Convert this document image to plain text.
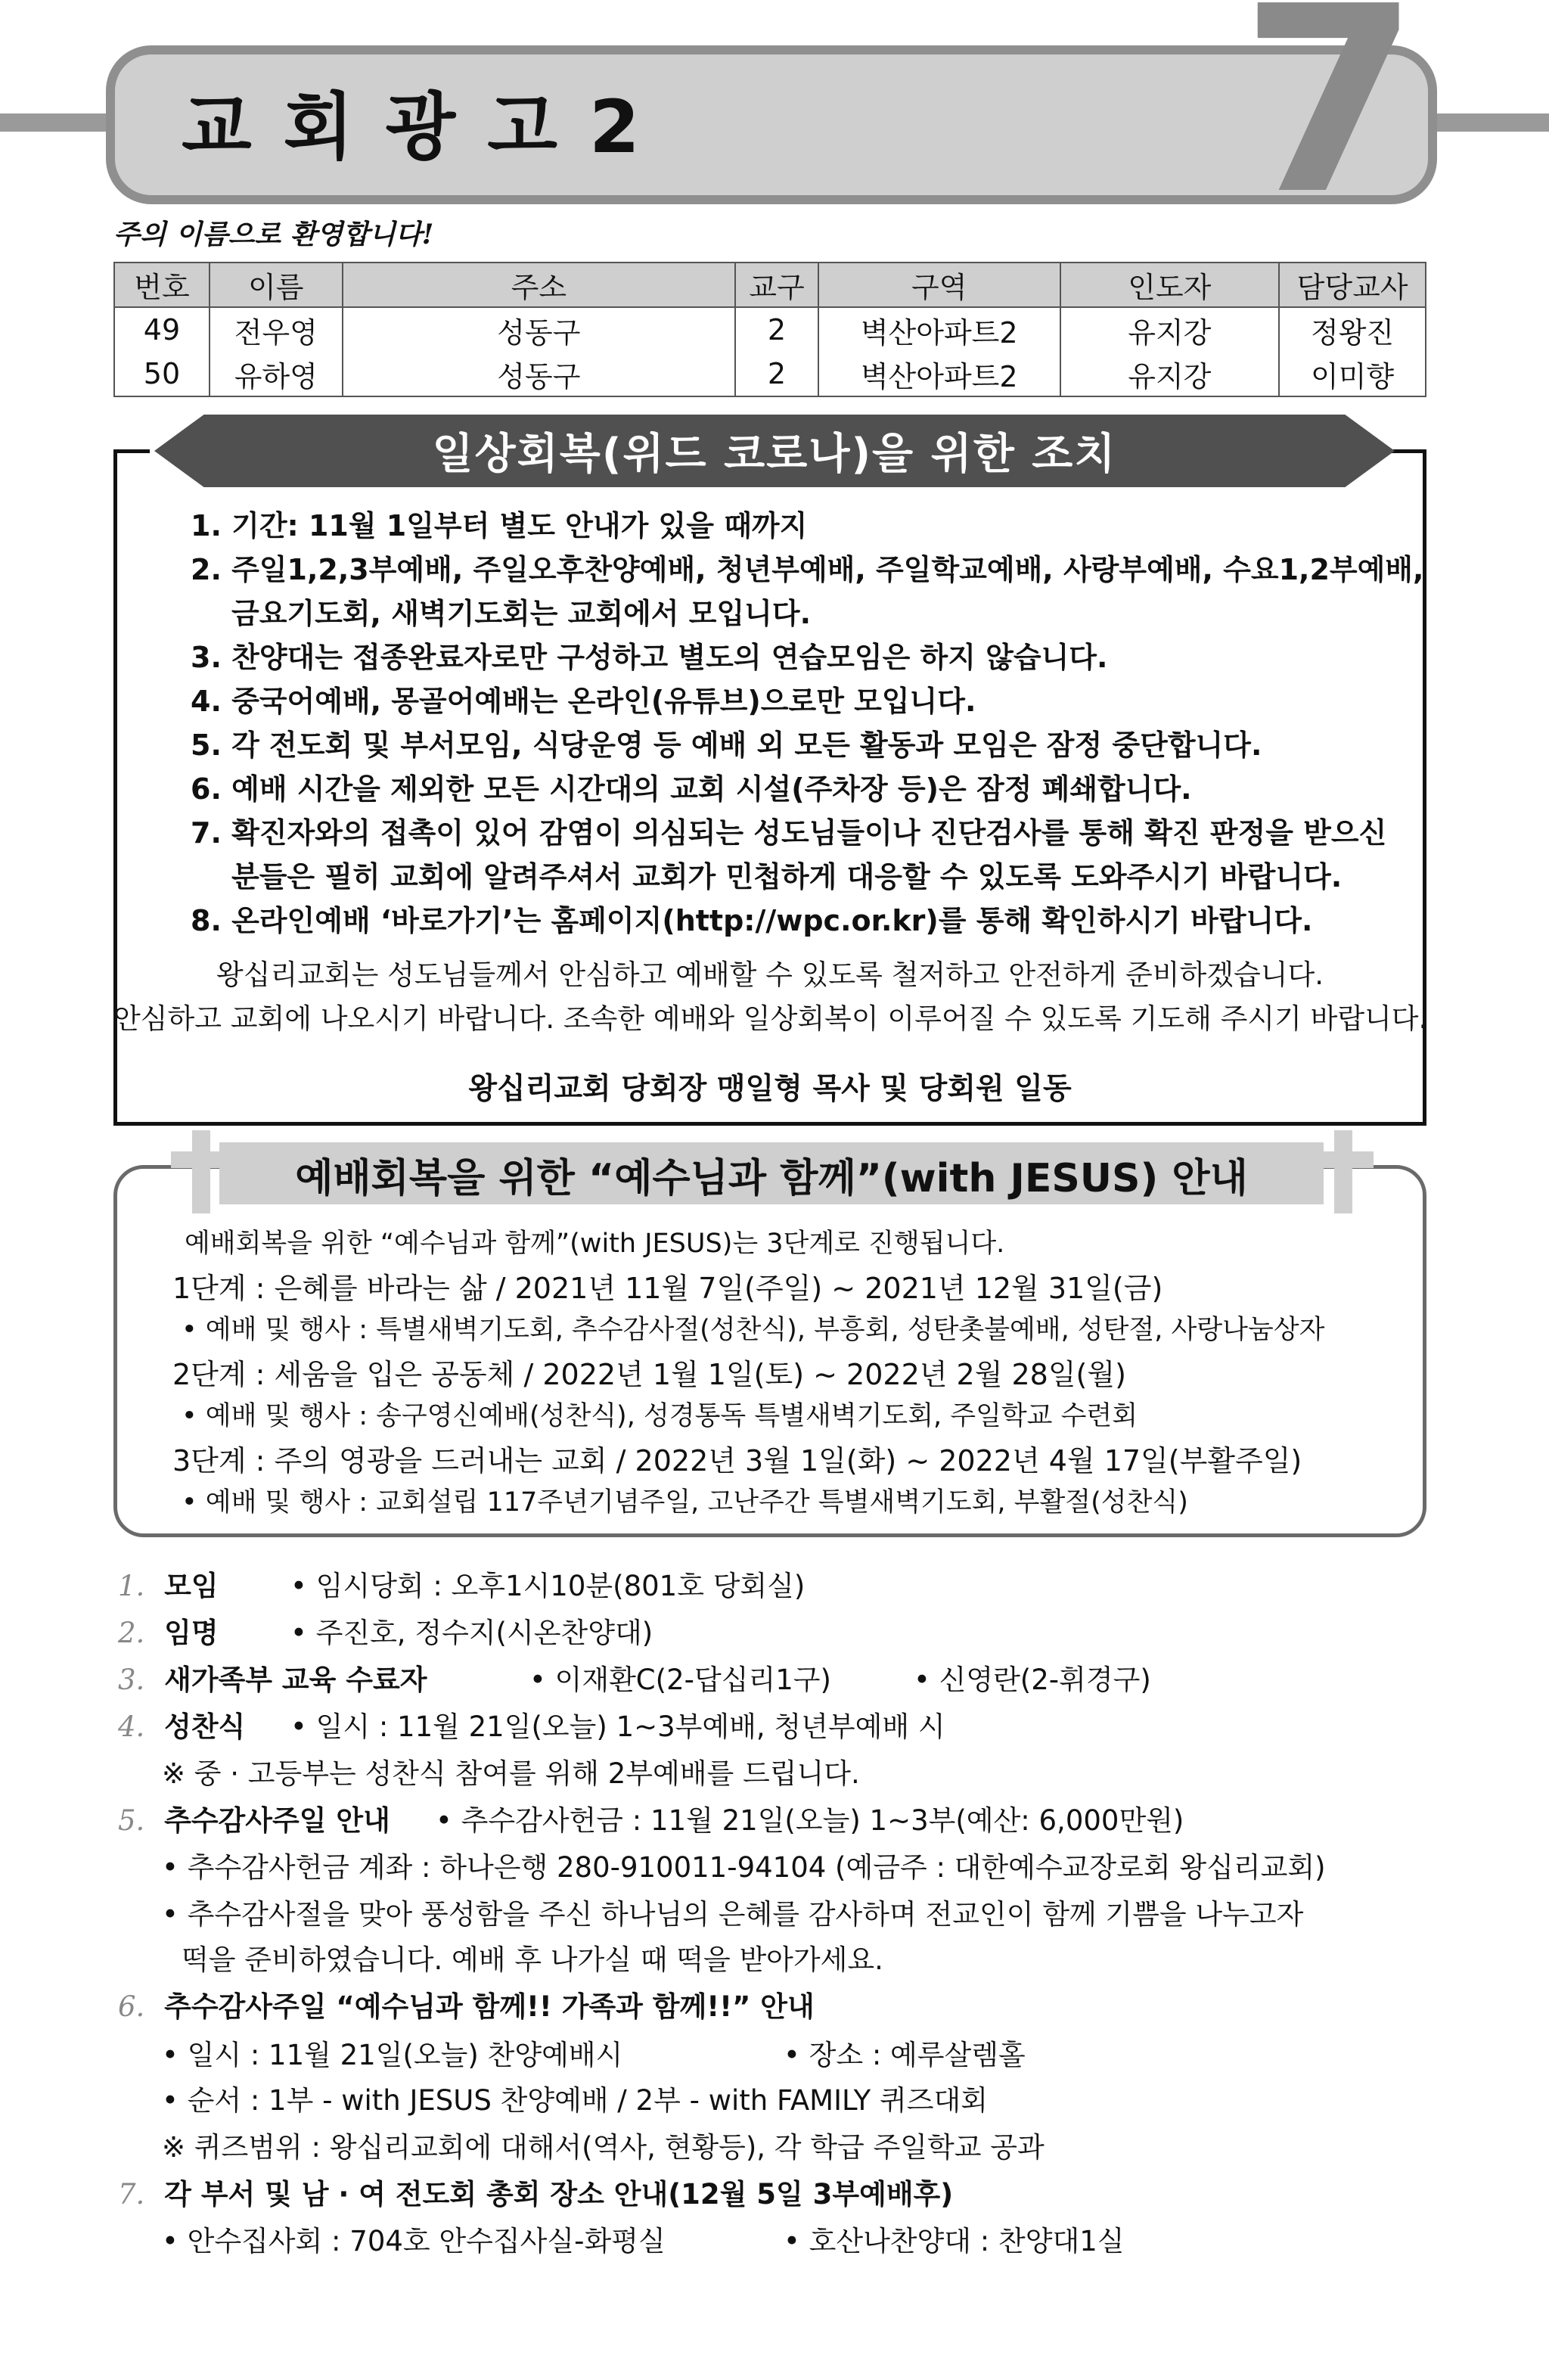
교회광고2 7
주의 이름으로 환영합니다!
번호	이름	주소	교구	구역	인도자	담당교사
49	전우영	성동구	2	벽산아파트2	유지강	정왕진
50	유하영	성동구	2	벽산아파트2	유지강	이미향
일상회복(위드 코로나)을 위한 조치
1. 기간: 11월 1일부터 별도 안내가 있을 때까지
2. 주일1,2,3부예배, 주일오후찬양예배, 청년부예배, 주일학교예배, 사랑부예배, 수요1,2부예배,
금요기도회, 새벽기도회는 교회에서 모입니다.
3. 찬양대는 접종완료자로만 구성하고 별도의 연습모임은 하지 않습니다.
4. 중국어예배, 몽골어예배는 온라인(유튜브)으로만 모입니다.
5. 각 전도회 및 부서모임, 식당운영 등 예배 외 모든 활동과 모임은 잠정 중단합니다.
6. 예배 시간을 제외한 모든 시간대의 교회 시설(주차장 등)은 잠정 폐쇄합니다.
7. 확진자와의 접촉이 있어 감염이 의심되는 성도님들이나 진단검사를 통해 확진 판정을 받으신
분들은 필히 교회에 알려주셔서 교회가 민첩하게 대응할 수 있도록 도와주시기 바랍니다.
8. 온라인예배 ‘바로가기’는 홈페이지(http://wpc.or.kr)를 통해 확인하시기 바랍니다.
왕십리교회는 성도님들께서 안심하고 예배할 수 있도록 철저하고 안전하게 준비하겠습니다.
안심하고 교회에 나오시기 바랍니다. 조속한 예배와 일상회복이 이루어질 수 있도록 기도해 주시기 바랍니다.
왕십리교회 당회장 맹일형 목사 및 당회원 일동
예배회복을 위한 “예수님과 함께”(with JESUS) 안내
예배회복을 위한 “예수님과 함께”(with JESUS)는 3단계로 진행됩니다.
1단계 : 은혜를 바라는 삶 / 2021년 11월 7일(주일) ~ 2021년 12월 31일(금)
• 예배 및 행사 : 특별새벽기도회, 추수감사절(성찬식), 부흥회, 성탄촛불예배, 성탄절, 사랑나눔상자
2단계 : 세움을 입은 공동체 / 2022년 1월 1일(토) ~ 2022년 2월 28일(월)
• 예배 및 행사 : 송구영신예배(성찬식), 성경통독 특별새벽기도회, 주일학교 수련회
3단계 : 주의 영광을 드러내는 교회 / 2022년 3월 1일(화) ~ 2022년 4월 17일(부활주일)
• 예배 및 행사 : 교회설립 117주년기념주일, 고난주간 특별새벽기도회, 부활절(성찬식)
1. 모임	• 임시당회 : 오후1시10분(801호 당회실)
2. 임명	• 주진호, 정수지(시온찬양대)
3. 새가족부 교육 수료자	• 이재환C(2-답십리1구)	• 신영란(2-휘경구)
4. 성찬식 • 일시 : 11월 21일(오늘) 1~3부예배, 청년부예배 시
※ 중 · 고등부는 성찬식 참여를 위해 2부예배를 드립니다.
5. 추수감사주일 안내 • 추수감사헌금 : 11월 21일(오늘) 1~3부(예산: 6,000만원)
• 추수감사헌금 계좌 : 하나은행 280-910011-94104 (예금주 : 대한예수교장로회 왕십리교회)
• 추수감사절을 맞아 풍성함을 주신 하나님의 은혜를 감사하며 전교인이 함께 기쁨을 나누고자
떡을 준비하였습니다. 예배 후 나가실 때 떡을 받아가세요.
6. 추수감사주일 “예수님과 함께!! 가족과 함께!!” 안내
• 일시 : 11월 21일(오늘) 찬양예배시	• 장소 : 예루살렘홀
• 순서 : 1부 - with JESUS 찬양예배 / 2부 - with FAMILY 퀴즈대회
※ 퀴즈범위 : 왕십리교회에 대해서(역사, 현황등), 각 학급 주일학교 공과
7. 각 부서 및 남 · 여 전도회 총회 장소 안내(12월 5일 3부예배후)
• 안수집사회 : 704호 안수집사실-화평실	• 호산나찬양대 : 찬양대1실
